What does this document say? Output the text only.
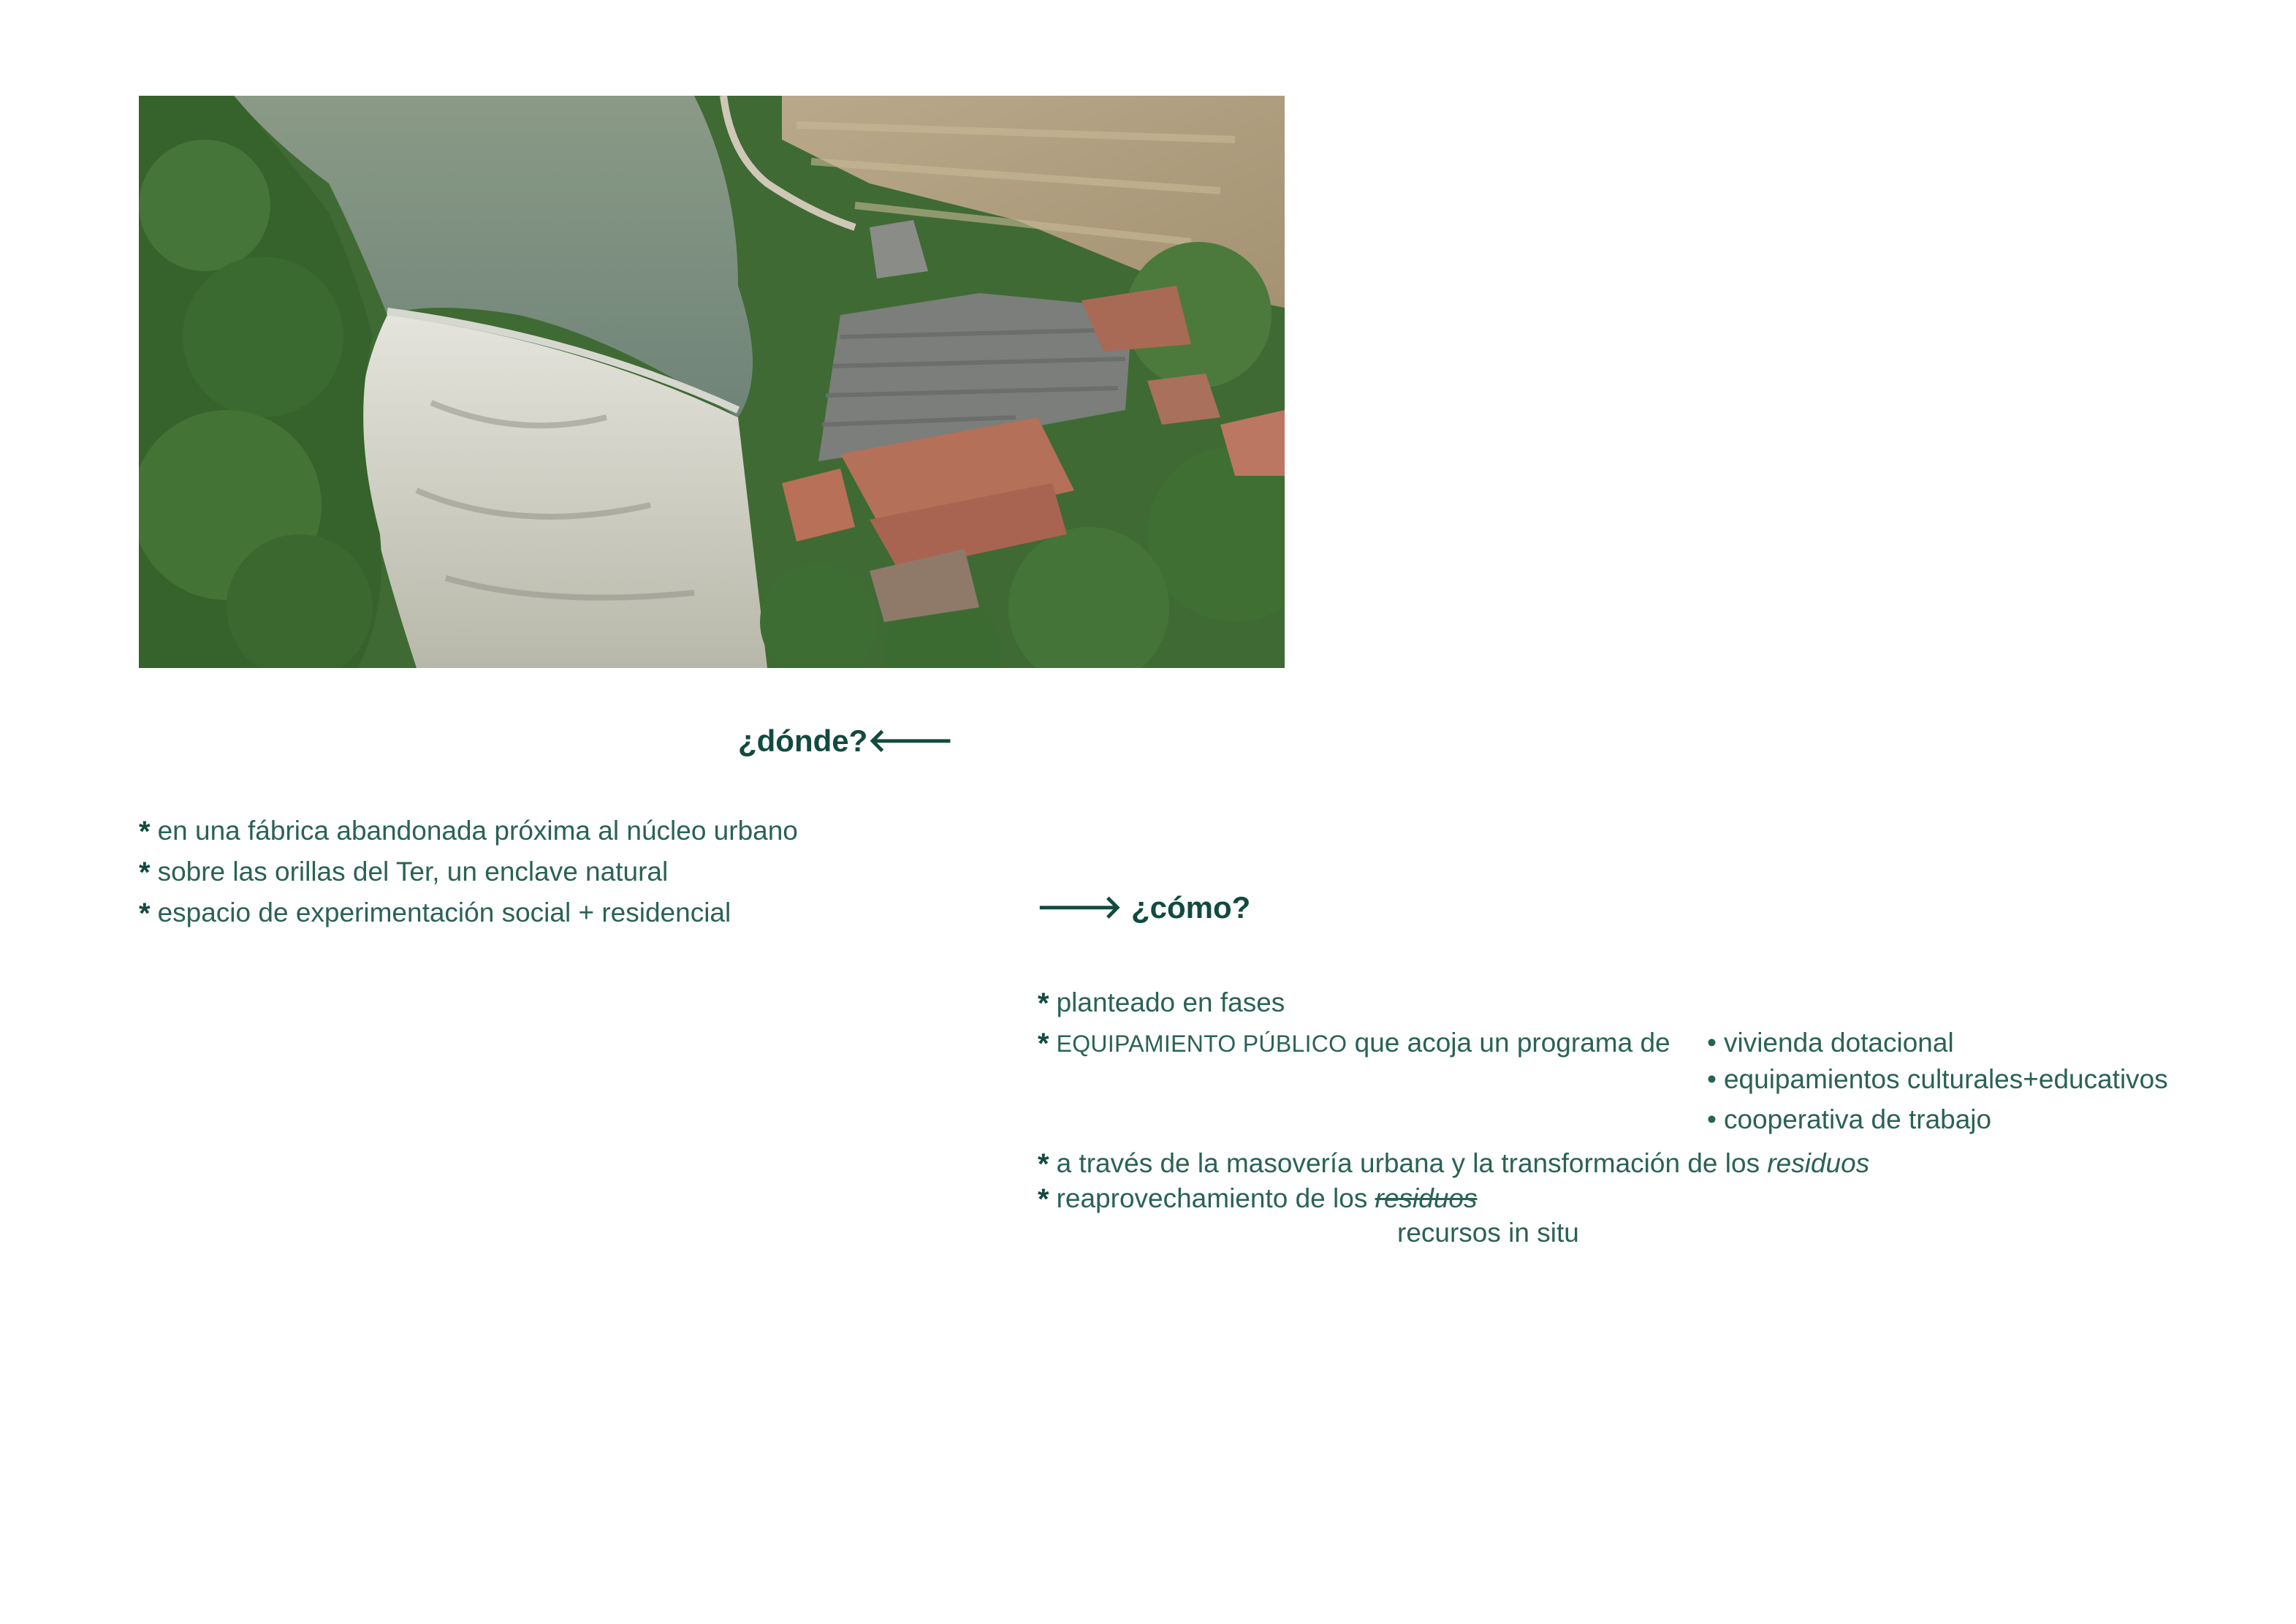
¿dónde? 🡐
* en una fábrica abandonada próxima al núcleo urbano
* sobre las orillas del Ter, un enclave natural
* espacio de experimentación social + residencial	🡒 ¿cómo?
* planteado en fases
* EQUIPAMIENTO PÚBLICO que acoja un programa de • vivienda dotacional
• equipamientos culturales+educativos
• cooperativa de trabajo
* a través de la masovería urbana y la transformación de los residuos
* reaprovechamiento de los residuos
recursos in situ
